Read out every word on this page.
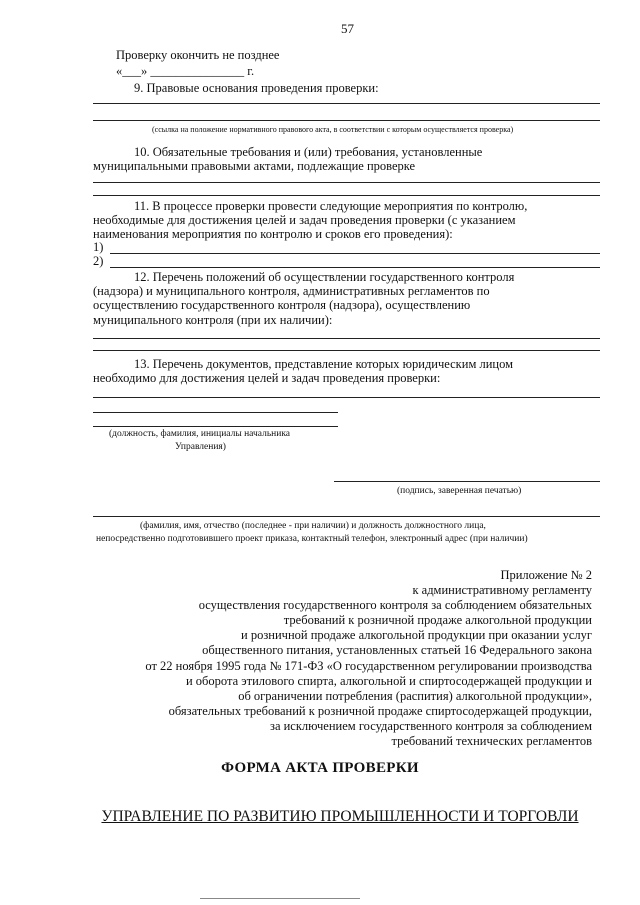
57
Проверку окончить не позднее
«___» _______________ г.
9. Правовые основания проведения проверки:
(ссылка на положение нормативного правового акта, в соответствии с которым осуществляется проверка)
10. Обязательные требования и (или) требования, установленные
муниципальными правовыми актами, подлежащие проверке
11. В процессе проверки провести следующие мероприятия по контролю,
необходимые для достижения целей и задач проведения проверки (с указанием
наименования мероприятия по контролю и сроков его проведения):
1)
2)
12. Перечень положений об осуществлении государственного контроля
(надзора) и муниципального контроля, административных регламентов по
осуществлению государственного контроля (надзора), осуществлению
муниципального контроля (при их наличии):
13. Перечень документов, представление которых юридическим лицом
необходимо для достижения целей и задач проведения проверки:
(должность, фамилия, инициалы начальника
Управления)
(подпись, заверенная печатью)
(фамилия, имя, отчество (последнее - при наличии) и должность должностного лица,
непосредственно подготовившего проект приказа, контактный телефон, электронный адрес (при наличии)
Приложение № 2
к административному регламенту
осуществления государственного контроля за соблюдением обязательных
требований к розничной продаже алкогольной продукции
и розничной продаже алкогольной продукции при оказании услуг
общественного питания, установленных статьей 16 Федерального закона
от 22 ноября 1995 года № 171-ФЗ «О государственном регулировании производства
и оборота этилового спирта, алкогольной и спиртосодержащей продукции и
об ограничении потребления (распития) алкогольной продукции»,
обязательных требований к розничной продаже спиртосодержащей продукции,
за исключением государственного контроля за соблюдением
требований технических регламентов
ФОРМА АКТА ПРОВЕРКИ
УПРАВЛЕНИЕ ПО РАЗВИТИЮ ПРОМЫШЛЕННОСТИ И ТОРГОВЛИ
